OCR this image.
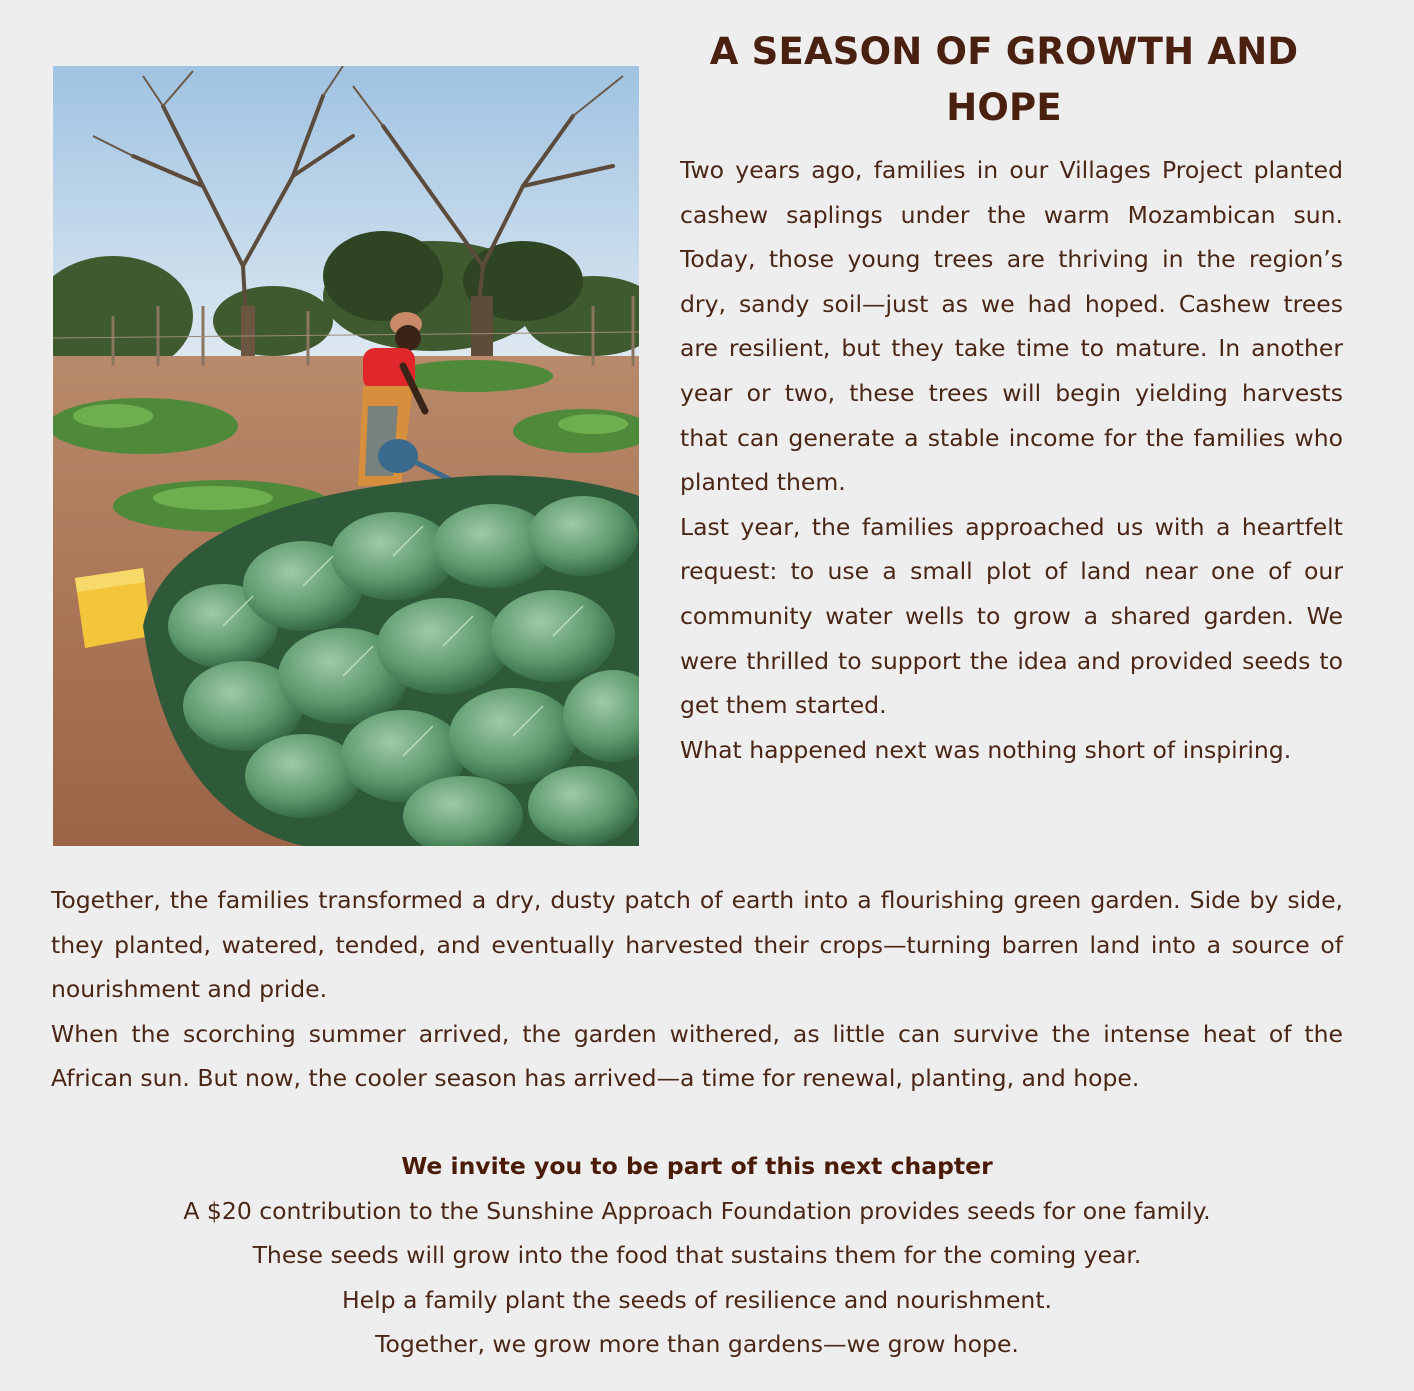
A SEASON OF GROWTH AND HOPE

Two years ago, families in our Villages Project planted cashew saplings under the warm Mozambican sun. Today, those young trees are thriving in the region’s dry, sandy soil—just as we had hoped. Cashew trees are resilient, but they take time to mature. In another year or two, these trees will begin yielding harvests that can generate a stable income for the families who planted them.

Last year, the families approached us with a heartfelt request: to use a small plot of land near one of our community water wells to grow a shared garden. We were thrilled to support the idea and provided seeds to get them started.

What happened next was nothing short of inspiring.

Together, the families transformed a dry, dusty patch of earth into a flourishing green garden. Side by side, they planted, watered, tended, and eventually harvested their crops—turning barren land into a source of nourishment and pride.

When the scorching summer arrived, the garden withered, as little can survive the intense heat of the African sun. But now, the cooler season has arrived—a time for renewal, planting, and hope.

We invite you to be part of this next chapter

A $20 contribution to the Sunshine Approach Foundation provides seeds for one family.

These seeds will grow into the food that sustains them for the coming year.

Help a family plant the seeds of resilience and nourishment.

Together, we grow more than gardens—we grow hope.
